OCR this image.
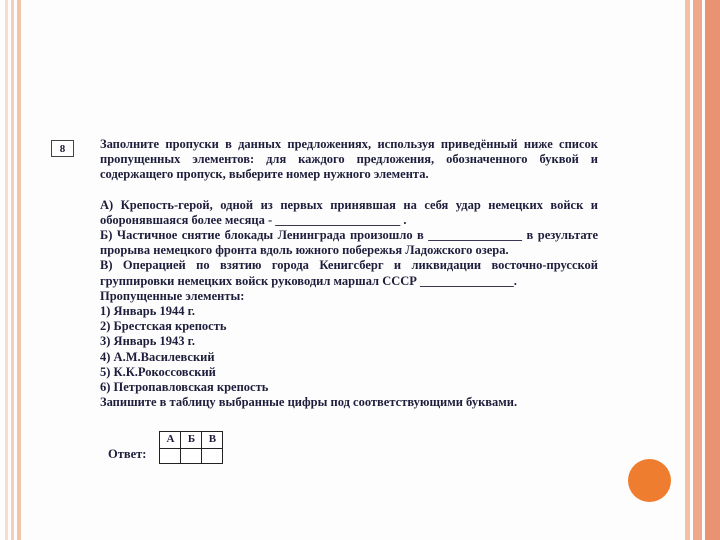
8	Заполните пропуски в данных предложениях, используя приведённый ниже список пропущенных элементов: для каждого предложения, обозначенного буквой и содержащего пропуск, выберите номер нужного элемента.

А) Крепость-герой, одной из первых принявшая на себя удар немецких войск и оборонявшаяся более месяца - ____________________ .

Б) Частичное снятие блокады Ленинграда произошло в _______________ в результате прорыва немецкого фронта вдоль южного побережья Ладожского озера.

В) Операцией по взятию города Кенигсберг и ликвидации восточно-прусской группировки немецких войск руководил маршал СССР _______________.

Пропущенные элементы:

1) Январь 1944 г.
2) Брестская крепость
3) Январь 1943 г.
4) А.М.Василевский
5) К.К.Рокоссовский
6) Петропавловская крепость

Запишите в таблицу выбранные цифры под соответствующими буквами.

Ответ:
А	Б	В
